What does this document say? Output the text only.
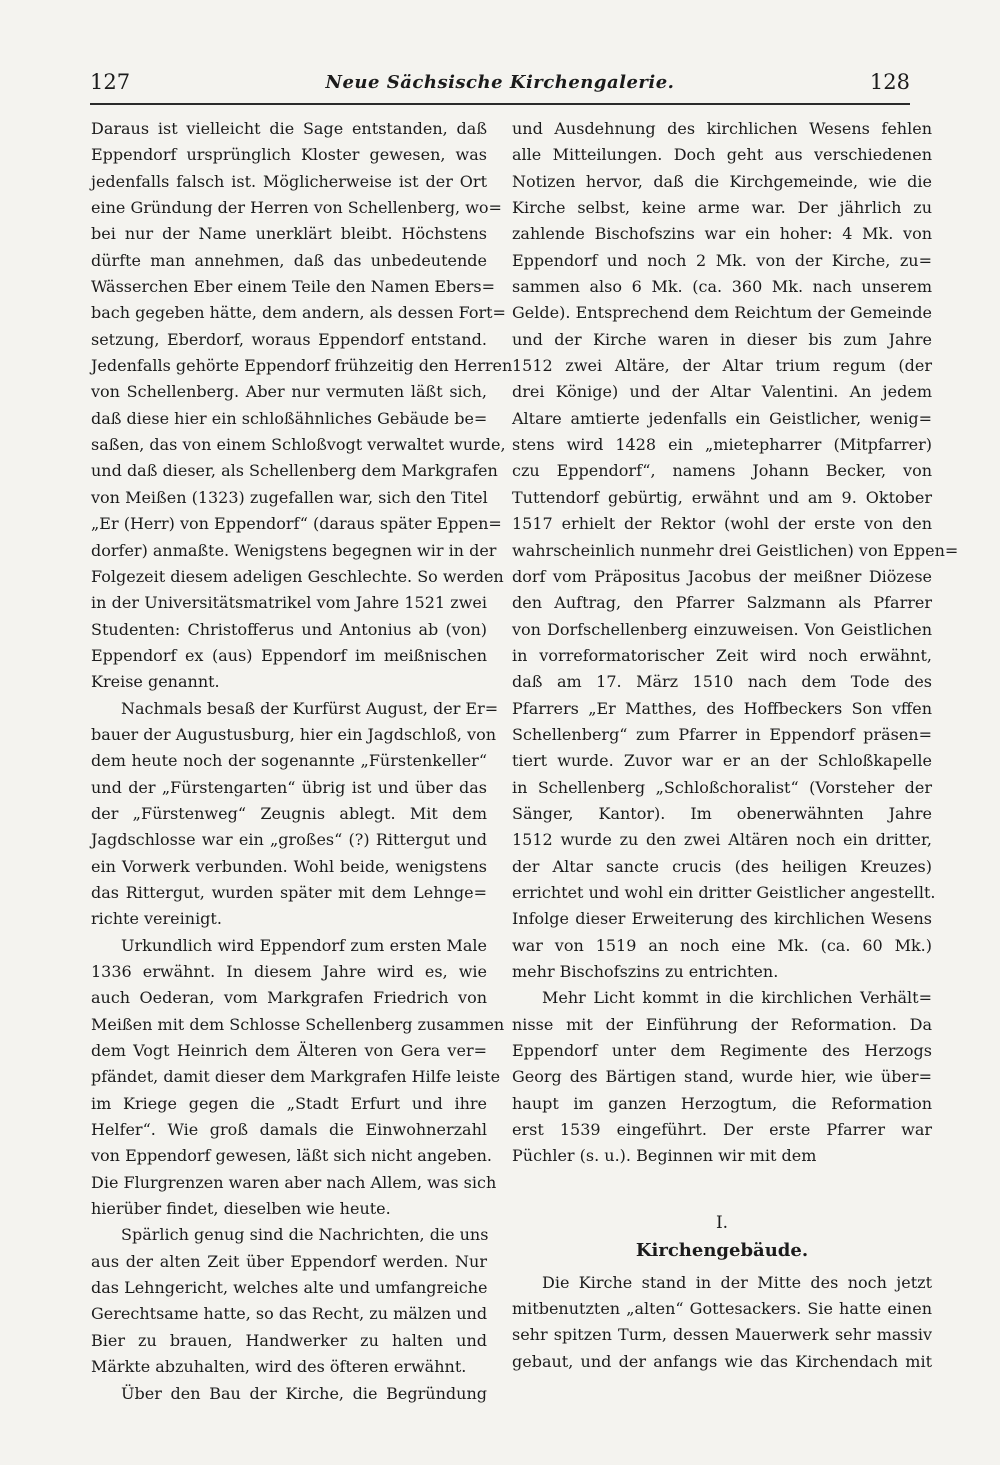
127	Neue Sächsische Kirchengalerie.	128
Daraus ist vielleicht die Sage entstanden, daß
Eppendorf ursprünglich Kloster gewesen, was
jedenfalls falsch ist. Möglicherweise ist der Ort
eine Gründung der Herren von Schellenberg, wo=
bei nur der Name unerklärt bleibt. Höchstens
dürfte man annehmen, daß das unbedeutende
Wässerchen Eber einem Teile den Namen Ebers=
bach gegeben hätte, dem andern, als dessen Fort=
setzung, Eberdorf, woraus Eppendorf entstand.
Jedenfalls gehörte Eppendorf frühzeitig den Herren
von Schellenberg. Aber nur vermuten läßt sich,
daß diese hier ein schloßähnliches Gebäude be=
saßen, das von einem Schloßvogt verwaltet wurde,
und daß dieser, als Schellenberg dem Markgrafen
von Meißen (1323) zugefallen war, sich den Titel
„Er (Herr) von Eppendorf“ (daraus später Eppen=
dorfer) anmaßte. Wenigstens begegnen wir in der
Folgezeit diesem adeligen Geschlechte. So werden
in der Universitätsmatrikel vom Jahre 1521 zwei
Studenten: Christofferus und Antonius ab (von)
Eppendorf ex (aus) Eppendorf im meißnischen
Kreise genannt.
Nachmals besaß der Kurfürst August, der Er=
bauer der Augustusburg, hier ein Jagdschloß, von
dem heute noch der sogenannte „Fürstenkeller“
und der „Fürstengarten“ übrig ist und über das
der „Fürstenweg“ Zeugnis ablegt. Mit dem
Jagdschlosse war ein „großes“ (?) Rittergut und
ein Vorwerk verbunden. Wohl beide, wenigstens
das Rittergut, wurden später mit dem Lehnge=
richte vereinigt.
Urkundlich wird Eppendorf zum ersten Male
1336 erwähnt. In diesem Jahre wird es, wie
auch Oederan, vom Markgrafen Friedrich von
Meißen mit dem Schlosse Schellenberg zusammen
dem Vogt Heinrich dem Älteren von Gera ver=
pfändet, damit dieser dem Markgrafen Hilfe leiste
im Kriege gegen die „Stadt Erfurt und ihre
Helfer“. Wie groß damals die Einwohnerzahl
von Eppendorf gewesen, läßt sich nicht angeben.
Die Flurgrenzen waren aber nach Allem, was sich
hierüber findet, dieselben wie heute.
Spärlich genug sind die Nachrichten, die uns
aus der alten Zeit über Eppendorf werden. Nur
das Lehngericht, welches alte und umfangreiche
Gerechtsame hatte, so das Recht, zu mälzen und
Bier zu brauen, Handwerker zu halten und
Märkte abzuhalten, wird des öfteren erwähnt.
Über den Bau der Kirche, die Begründung
und Ausdehnung des kirchlichen Wesens fehlen
alle Mitteilungen. Doch geht aus verschiedenen
Notizen hervor, daß die Kirchgemeinde, wie die
Kirche selbst, keine arme war. Der jährlich zu
zahlende Bischofszins war ein hoher: 4 Mk. von
Eppendorf und noch 2 Mk. von der Kirche, zu=
sammen also 6 Mk. (ca. 360 Mk. nach unserem
Gelde). Entsprechend dem Reichtum der Gemeinde
und der Kirche waren in dieser bis zum Jahre
1512 zwei Altäre, der Altar trium regum (der
drei Könige) und der Altar Valentini. An jedem
Altare amtierte jedenfalls ein Geistlicher, wenig=
stens wird 1428 ein „mietepharrer (Mitpfarrer)
czu Eppendorf“, namens Johann Becker, von
Tuttendorf gebürtig, erwähnt und am 9. Oktober
1517 erhielt der Rektor (wohl der erste von den
wahrscheinlich nunmehr drei Geistlichen) von Eppen=
dorf vom Präpositus Jacobus der meißner Diözese
den Auftrag, den Pfarrer Salzmann als Pfarrer
von Dorfschellenberg einzuweisen. Von Geistlichen
in vorreformatorischer Zeit wird noch erwähnt,
daß am 17. März 1510 nach dem Tode des
Pfarrers „Er Matthes, des Hoffbeckers Son vffen
Schellenberg“ zum Pfarrer in Eppendorf präsen=
tiert wurde. Zuvor war er an der Schloßkapelle
in Schellenberg „Schloßchoralist“ (Vorsteher der
Sänger, Kantor). Im obenerwähnten Jahre
1512 wurde zu den zwei Altären noch ein dritter,
der Altar sancte crucis (des heiligen Kreuzes)
errichtet und wohl ein dritter Geistlicher angestellt.
Infolge dieser Erweiterung des kirchlichen Wesens
war von 1519 an noch eine Mk. (ca. 60 Mk.)
mehr Bischofszins zu entrichten.
Mehr Licht kommt in die kirchlichen Verhält=
nisse mit der Einführung der Reformation. Da
Eppendorf unter dem Regimente des Herzogs
Georg des Bärtigen stand, wurde hier, wie über=
haupt im ganzen Herzogtum, die Reformation
erst 1539 eingeführt. Der erste Pfarrer war
Püchler (s. u.). Beginnen wir mit dem
I.
Kirchengebäude.
Die Kirche stand in der Mitte des noch jetzt
mitbenutzten „alten“ Gottesackers. Sie hatte einen
sehr spitzen Turm, dessen Mauerwerk sehr massiv
gebaut, und der anfangs wie das Kirchendach mit
